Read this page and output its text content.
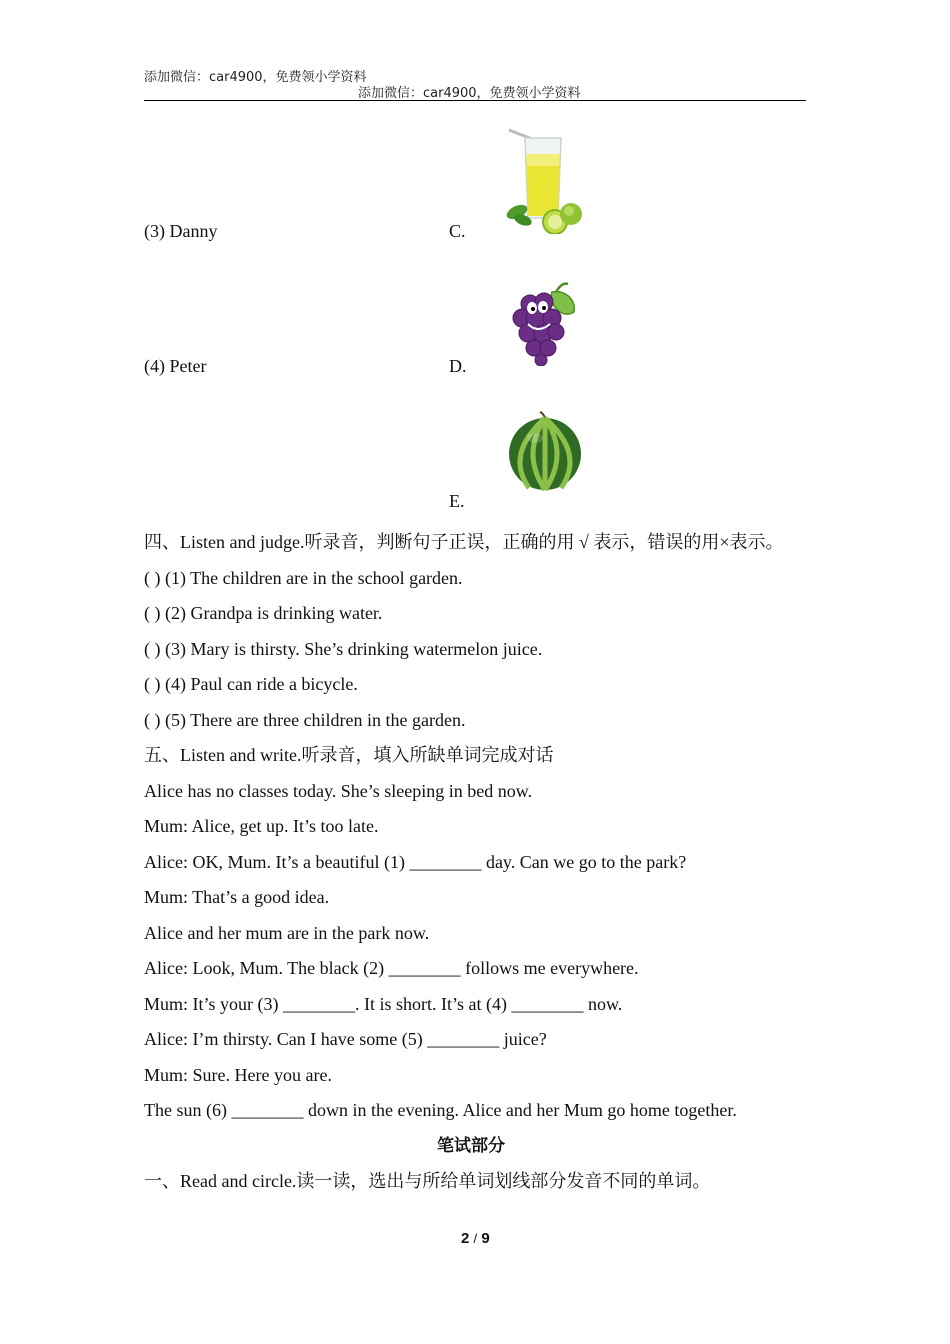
添加微信：car4900，免费领小学资料
添加微信：car4900，免费领小学资料
(3) Danny	C.
(4) Peter	D.
E.
四、Listen and judge.听录音，判断句子正误，正确的用 √ 表示，错误的用×表示。
( ) (1) The children are in the school garden.
( ) (2) Grandpa is drinking water.
( ) (3) Mary is thirsty. She’s drinking watermelon juice.
( ) (4) Paul can ride a bicycle.
( ) (5) There are three children in the garden.
五、Listen and write.听录音，填入所缺单词完成对话
Alice has no classes today. She’s sleeping in bed now.
Mum: Alice, get up. It’s too late.
Alice: OK, Mum. It’s a beautiful (1) ________ day. Can we go to the park?
Mum: That’s a good idea.
Alice and her mum are in the park now.
Alice: Look, Mum. The black (2) ________ follows me everywhere.
Mum: It’s your (3) ________. It is short. It’s at (4) ________ now.
Alice: I’m thirsty. Can I have some (5) ________ juice?
Mum: Sure. Here you are.
The sun (6) ________ down in the evening. Alice and her Mum go home together.
笔试部分
一、Read and circle.读一读，选出与所给单词划线部分发音不同的单词。
2 / 9
